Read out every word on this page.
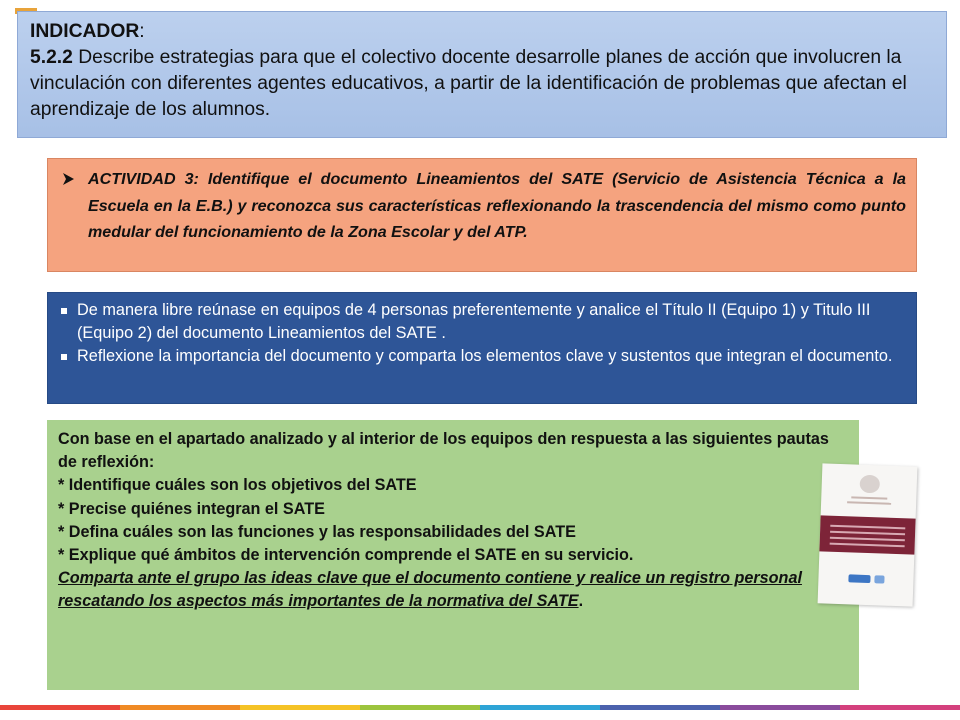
INDICADOR:
5.2.2 Describe estrategias para que el colectivo docente desarrolle planes de acción que involucren la vinculación con diferentes agentes educativos, a partir de la identificación de problemas que afectan el aprendizaje de los alumnos.
ACTIVIDAD 3: Identifique el documento Lineamientos del SATE (Servicio de Asistencia Técnica a la Escuela en la E.B.) y reconozca sus características reflexionando la trascendencia del mismo como punto medular del funcionamiento de la Zona Escolar y del ATP.
De manera libre reúnase en equipos de 4 personas preferentemente y analice el Título II (Equipo 1) y Titulo III (Equipo 2) del documento Lineamientos del SATE .
Reflexione la importancia del documento y comparta los elementos clave y sustentos que integran el documento.
Con base en el apartado analizado y al interior de los equipos den respuesta a las siguientes pautas de reflexión:
* Identifique cuáles son los objetivos del SATE
* Precise quiénes integran el SATE
* Defina cuáles son las funciones y las responsabilidades del SATE
* Explique qué ámbitos de intervención comprende el SATE en su servicio.
Comparta ante el grupo las ideas clave que el documento contiene y realice un registro personal rescatando los aspectos más importantes de la normativa del SATE.
